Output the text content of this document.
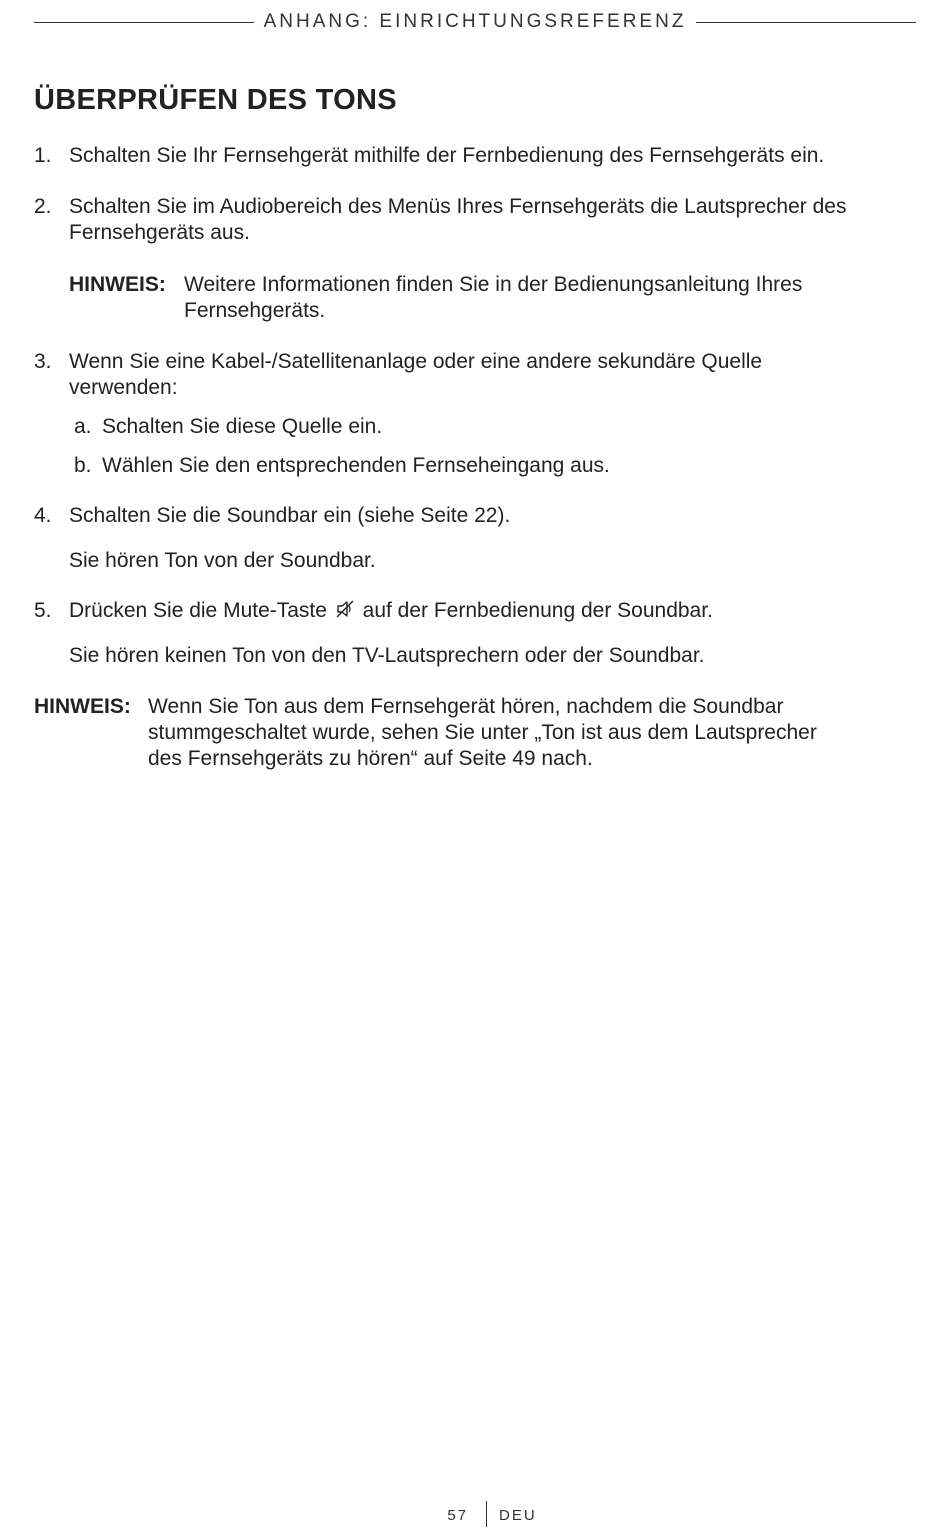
ANHANG: EINRICHTUNGSREFERENZ
ÜBERPRÜFEN DES TONS
1. Schalten Sie Ihr Fernsehgerät mithilfe der Fernbedienung des Fernsehgeräts ein.
2. Schalten Sie im Audiobereich des Menüs Ihres Fernsehgeräts die Lautsprecher des
Fernsehgeräts aus.
HINWEIS: Weitere Informationen finden Sie in der Bedienungsanleitung Ihres
Fernsehgeräts.
3. Wenn Sie eine Kabel-/Satellitenanlage oder eine andere sekundäre Quelle
verwenden:
a. Schalten Sie diese Quelle ein.
b. Wählen Sie den entsprechenden Fernseheingang aus.
4. Schalten Sie die Soundbar ein (siehe Seite 22).
Sie hören Ton von der Soundbar.
5. Drücken Sie die Mute-Taste auf der Fernbedienung der Soundbar.
Sie hören keinen Ton von den TV-Lautsprechern oder der Soundbar.
HINWEIS: Wenn Sie Ton aus dem Fernsehgerät hören, nachdem die Soundbar
stummgeschaltet wurde, sehen Sie unter „Ton ist aus dem Lautsprecher
des Fernsehgeräts zu hören“ auf Seite 49 nach.
57 DEU
